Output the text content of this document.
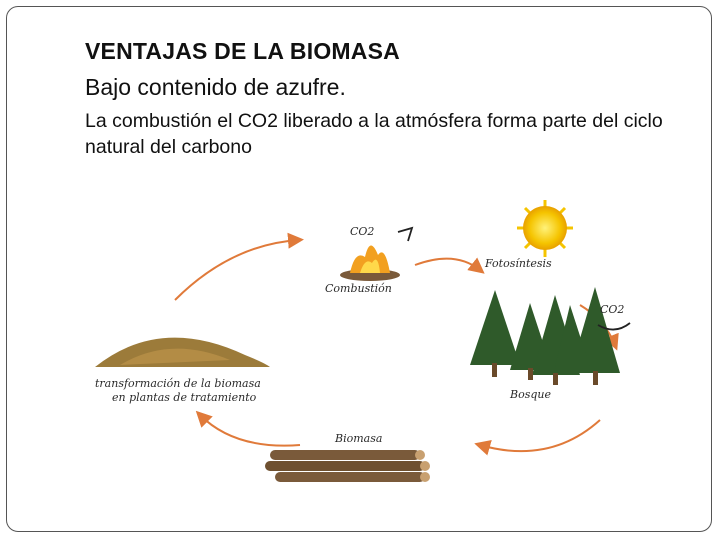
VENTAJAS DE LA BIOMASA
Bajo contenido de azufre.
La combustión el CO2 liberado a la atmósfera forma parte del ciclo natural del carbono
CO2
Combustión
Fotosíntesis
CO2
Bosque
Biomasa
transformación de la biomasa
en plantas de tratamiento
